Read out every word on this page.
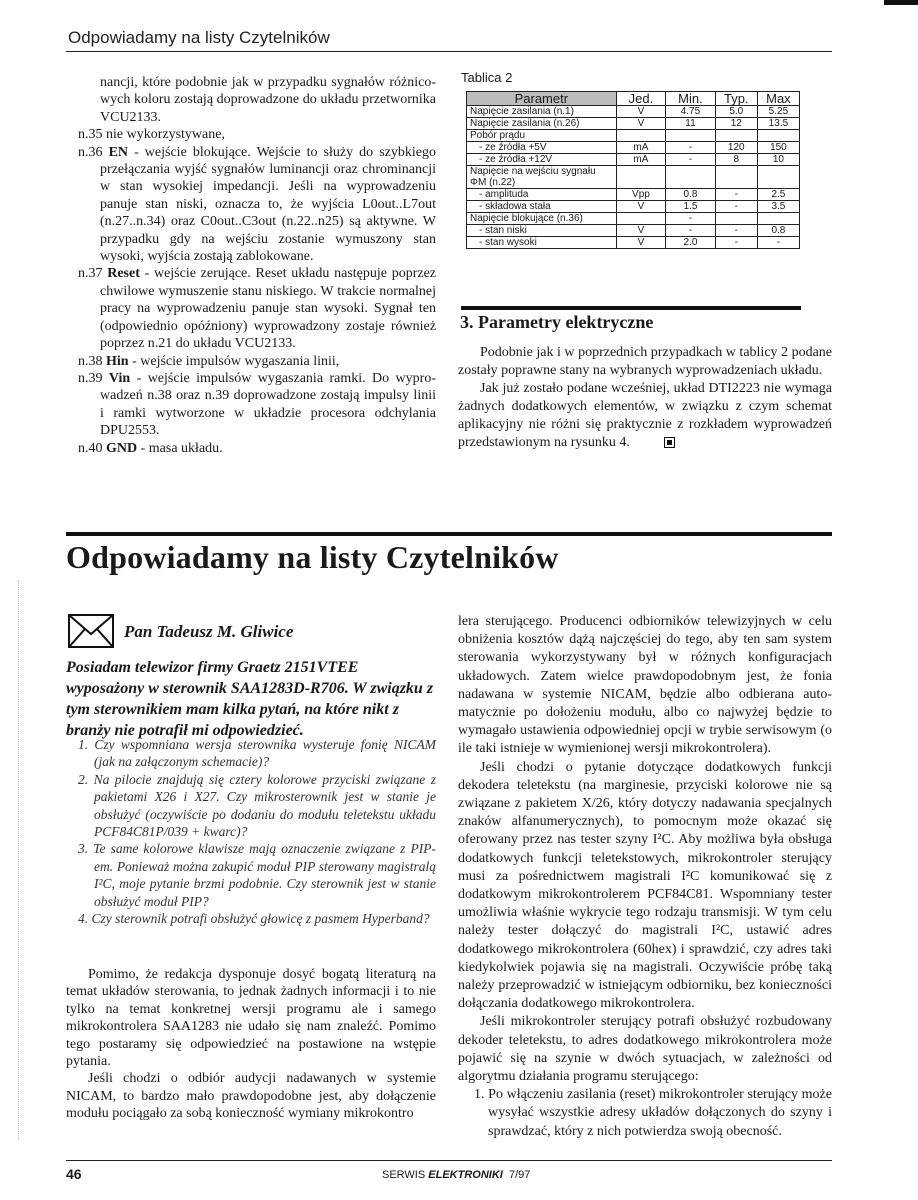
Odpowiadamy na listy Czytelników

nancji, które podobnie jak w przypadku sygnałów różnicowych koloru zostają doprowadzone do układu przetwornika VCU2133.

n.35 nie wykorzystywane,

n.36 EN - wejście blokujące. Wejście to służy do szybkiego przełączania wyjść sygnałów luminancji oraz chrominancji w stan wysokiej impedancji. Jeśli na wyprowadzeniu panuje stan niski, oznacza to, że wyjścia L0out..L7out (n.27..n.34) oraz C0out..C3out (n.22..n25) są aktywne. W przypadku gdy na wejściu zostanie wymuszony stan wysoki, wyjścia zostają zablokowane.

n.37 Reset - wejście zerujące. Reset układu następuje poprzez chwilowe wymuszenie stanu niskiego. W trakcie normalnej pracy na wyprowadzeniu panuje stan wysoki. Sygnał ten (odpowiednio opóźniony) wyprowadzony zostaje również poprzez n.21 do układu VCU2133.

n.38 Hin - wejście impulsów wygaszania linii,

n.39 Vin - wejście impulsów wygaszania ramki. Do wyprowadzeń n.38 oraz n.39 doprowadzone zostają impulsy linii i ramki wytworzone w układzie procesora odchylania DPU2553.

n.40 GND - masa układu.

Tablica 2
Parametr	Jed.	Min.	Typ.	Max
Napięcie zasilania (n.1)	V	4.75	5.0	5.25
Napięcie zasilania (n.26)	V	11	12	13.5
Pobór prądu				
- ze źródła +5V	mA	-	120	150
- ze źródła +12V	mA	-	8	10
Napięcie na wejściu sygnału ΦM (n.22)				
- amplituda	Vpp	0.8	-	2.5
- składowa stała	V	1.5	-	3.5
Napięcie blokujące (n.36)		-		
- stan niski	V	-	-	0.8
- stan wysoki	V	2.0	-	-
3. Parametry elektryczne

Podobnie jak i w poprzednich przypadkach w tablicy 2 podane zostały poprawne stany na wybranych wyprowadzeniach układu.

Jak już zostało podane wcześniej, układ DTI2223 nie wymaga żadnych dodatkowych elementów, w związku z czym schemat aplikacyjny nie różni się praktycznie z rozkładem wyprowadzeń przedstawionym na rysunku 4.

Odpowiadamy na listy Czytelników
Pan Tadeusz M. Gliwice
Posiadam telewizor firmy Graetz 2151VTEE wyposażony w sterownik SAA1283D-R706. W związku z tym sterownikiem mam kilka pytań, na które nikt z branży nie potrafił mi odpowiedzieć.

1. Czy wspomniana wersja sterownika wysteruje fonię NICAM (jak na załączonym schemacie)?

2. Na pilocie znajdują się cztery kolorowe przyciski związane z pakietami X26 i X27. Czy mikrosterownik jest w stanie je obsłużyć (oczywiście po dodaniu do modułu teletekstu układu PCF84C81P/039 + kwarc)?

3. Te same kolorowe klawisze mają oznaczenie związane z PIP-em. Ponieważ można zakupić moduł PIP sterowany magistralą I²C, moje pytanie brzmi podobnie. Czy sterownik jest w stanie obsłużyć moduł PIP?

4. Czy sterownik potrafi obsłużyć głowicę z pasmem Hyperband?

Pomimo, że redakcja dysponuje dosyć bogatą literaturą na temat układów sterowania, to jednak żadnych informacji i to nie tylko na temat konkretnej wersji programu ale i samego mikrokontrolera SAA1283 nie udało się nam znaleźć. Pomimo tego postaramy się odpowiedzieć na postawione na wstępie pytania.

Jeśli chodzi o odbiór audycji nadawanych w systemie NICAM, to bardzo mało prawdopodobne jest, aby dołączenie modułu pociągało za sobą konieczność wymiany mikrokontro

lera sterującego. Producenci odbiorników telewizyjnych w celu obniżenia kosztów dążą najczęściej do tego, aby ten sam system sterowania wykorzystywany był w różnych konfiguracjach układowych. Zatem wielce prawdopodobnym jest, że fonia nadawana w systemie NICAM, będzie albo odbierana automatycznie po dołożeniu modułu, albo co najwyżej będzie to wymagało ustawienia odpowiedniej opcji w trybie serwisowym (o ile taki istnieje w wymienionej wersji mikrokontrolera).

Jeśli chodzi o pytanie dotyczące dodatkowych funkcji dekodera teletekstu (na marginesie, przyciski kolorowe nie są związane z pakietem X/26, który dotyczy nadawania specjalnych znaków alfanumerycznych), to pomocnym może okazać się oferowany przez nas tester szyny I²C. Aby możliwa była obsługa dodatkowych funkcji teletekstowych, mikrokontroler sterujący musi za pośrednictwem magistrali I²C komunikować się z dodatkowym mikrokontrolerem PCF84C81. Wspomniany tester umożliwia właśnie wykrycie tego rodzaju transmisji. W tym celu należy tester dołączyć do magistrali I²C, ustawić adres dodatkowego mikrokontrolera (60hex) i sprawdzić, czy adres taki kiedykolwiek pojawia się na magistrali. Oczywiście próbę taką należy przeprowadzić w istniejącym odbiorniku, bez konieczności dołączania dodatkowego mikrokontrolera.

Jeśli mikrokontroler sterujący potrafi obsłużyć rozbudowany dekoder teletekstu, to adres dodatkowego mikrokontrolera może pojawić się na szynie w dwóch sytuacjach, w zależności od algorytmu działania programu sterującego:

1. Po włączeniu zasilania (reset) mikrokontroler sterujący może wysyłać wszystkie adresy układów dołączonych do szyny i sprawdzać, który z nich potwierdza swoją obecność.

46	SERWIS ELEKTRONIKI 7/97
